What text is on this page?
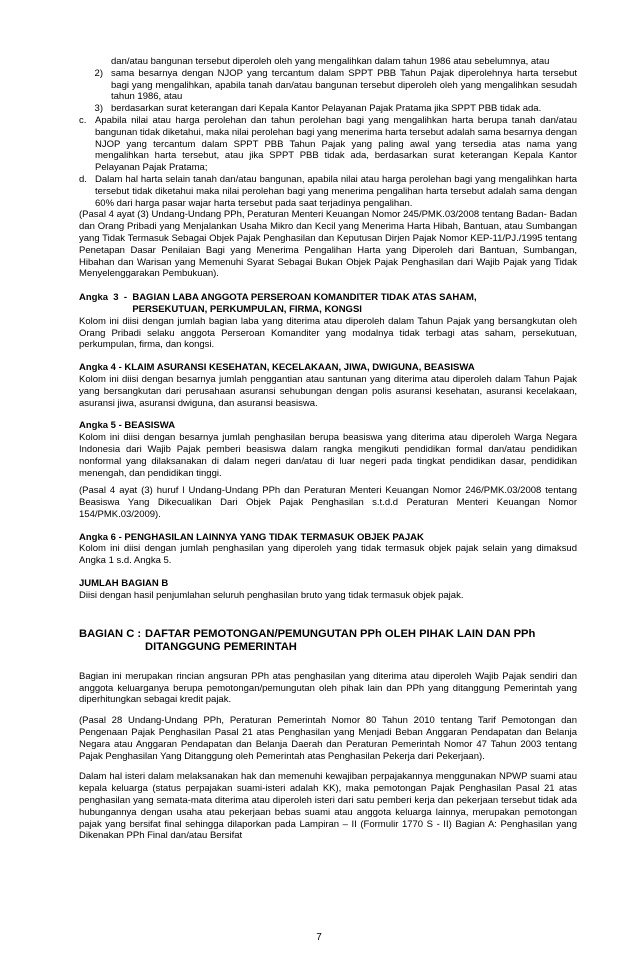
dan/atau bangunan tersebut diperoleh oleh yang mengalihkan dalam tahun 1986 atau sebelumnya, atau
2) sama besarnya dengan NJOP yang tercantum dalam SPPT PBB Tahun Pajak diperolehnya harta tersebut bagi yang mengalihkan, apabila tanah dan/atau bangunan tersebut diperoleh oleh yang mengalihkan sesudah tahun 1986, atau
3) berdasarkan surat keterangan dari Kepala Kantor Pelayanan Pajak Pratama jika SPPT PBB tidak ada.
c. Apabila nilai atau harga perolehan dan tahun perolehan bagi yang mengalihkan harta berupa tanah dan/atau bangunan tidak diketahui, maka nilai perolehan bagi yang menerima harta tersebut adalah sama besarnya dengan NJOP yang tercantum dalam SPPT PBB Tahun Pajak yang paling awal yang tersedia atas nama yang mengalihkan harta tersebut, atau jika SPPT PBB tidak ada, berdasarkan surat keterangan Kepala Kantor Pelayanan Pajak Pratama;
d. Dalam hal harta selain tanah dan/atau bangunan, apabila nilai atau harga perolehan bagi yang mengalihkan harta tersebut tidak diketahui maka nilai perolehan bagi yang menerima pengalihan harta tersebut adalah sama dengan 60% dari harga pasar wajar harta tersebut pada saat terjadinya pengalihan.

(Pasal 4 ayat (3) Undang-Undang PPh, Peraturan Menteri Keuangan Nomor 245/PMK.03/2008 tentang Badan- Badan dan Orang Pribadi yang Menjalankan Usaha Mikro dan Kecil yang Menerima Harta Hibah, Bantuan, atau Sumbangan yang Tidak Termasuk Sebagai Objek Pajak Penghasilan dan Keputusan Dirjen Pajak Nomor KEP-11/PJ./1995 tentang Penetapan Dasar Penilaian Bagi yang Menerima Pengalihan Harta yang Diperoleh dari Bantuan, Sumbangan, Hibahan dan Warisan yang Memenuhi Syarat Sebagai Bukan Objek Pajak Penghasilan dari Wajib Pajak yang Tidak Menyelenggarakan Pembukuan).

Angka  3  - BAGIAN LABA ANGGOTA PERSEROAN KOMANDITER TIDAK ATAS SAHAM,
PERSEKUTUAN, PERKUMPULAN, FIRMA, KONGSI

Kolom ini diisi dengan jumlah bagian laba yang diterima atau diperoleh dalam Tahun Pajak yang bersangkutan oleh Orang Pribadi selaku anggota Perseroan Komanditer yang modalnya tidak terbagi atas saham, persekutuan, perkumpulan, firma, dan kongsi.

Angka 4 - KLAIM ASURANSI KESEHATAN, KECELAKAAN, JIWA, DWIGUNA, BEASISWA

Kolom ini diisi dengan besarnya jumlah penggantian atau santunan yang diterima atau diperoleh dalam Tahun Pajak yang bersangkutan dari perusahaan asuransi sehubungan dengan polis asuransi kesehatan, asuransi kecelakaan, asuransi jiwa, asuransi dwiguna, dan asuransi beasiswa.

Angka 5 - BEASISWA

Kolom ini diisi dengan besarnya jumlah penghasilan berupa beasiswa yang diterima atau diperoleh Warga Negara Indonesia dari Wajib Pajak pemberi beasiswa dalam rangka mengikuti pendidikan formal dan/atau pendidikan nonformal yang dilaksanakan di dalam negeri dan/atau di luar negeri pada tingkat pendidikan dasar, pendidikan menengah, dan pendidikan tinggi.

(Pasal 4 ayat (3) huruf l Undang-Undang PPh dan Peraturan Menteri Keuangan Nomor 246/PMK.03/2008 tentang Beasiswa Yang Dikecualikan Dari Objek Pajak Penghasilan s.t.d.d Peraturan Menteri Keuangan Nomor 154/PMK.03/2009).

Angka 6 - PENGHASILAN LAINNYA YANG TIDAK TERMASUK OBJEK PAJAK

Kolom ini diisi dengan jumlah penghasilan yang diperoleh yang tidak termasuk objek pajak selain yang dimaksud Angka 1 s.d. Angka 5.

JUMLAH BAGIAN B

Diisi dengan hasil penjumlahan seluruh penghasilan bruto yang tidak termasuk objek pajak.

BAGIAN C : DAFTAR PEMOTONGAN/PEMUNGUTAN PPh OLEH PIHAK LAIN DAN PPh
DITANGGUNG PEMERINTAH

Bagian ini merupakan rincian angsuran PPh atas penghasilan yang diterima atau diperoleh Wajib Pajak sendiri dan anggota keluarganya berupa pemotongan/pemungutan oleh pihak lain dan PPh yang ditanggung Pemerintah yang diperhitungkan sebagai kredit pajak.

(Pasal 28 Undang-Undang PPh, Peraturan Pemerintah Nomor 80 Tahun 2010 tentang Tarif Pemotongan dan Pengenaan Pajak Penghasilan Pasal 21 atas Penghasilan yang Menjadi Beban Anggaran Pendapatan dan Belanja Negara atau Anggaran Pendapatan dan Belanja Daerah dan Peraturan Pemerintah Nomor 47 Tahun 2003 tentang Pajak Penghasilan Yang Ditanggung oleh Pemerintah atas Penghasilan Pekerja dari Pekerjaan).

Dalam hal isteri dalam melaksanakan hak dan memenuhi kewajiban perpajakannya menggunakan NPWP suami atau kepala keluarga (status perpajakan suami-isteri adalah KK), maka pemotongan Pajak Penghasilan Pasal 21 atas penghasilan yang semata-mata diterima atau diperoleh isteri dari satu pemberi kerja dan pekerjaan tersebut tidak ada hubungannya dengan usaha atau pekerjaan bebas suami atau anggota keluarga lainnya, merupakan pemotongan pajak yang bersifat final sehingga dilaporkan pada Lampiran – II (Formulir 1770 S - II) Bagian A: Penghasilan yang Dikenakan PPh Final dan/atau Bersifat

7
